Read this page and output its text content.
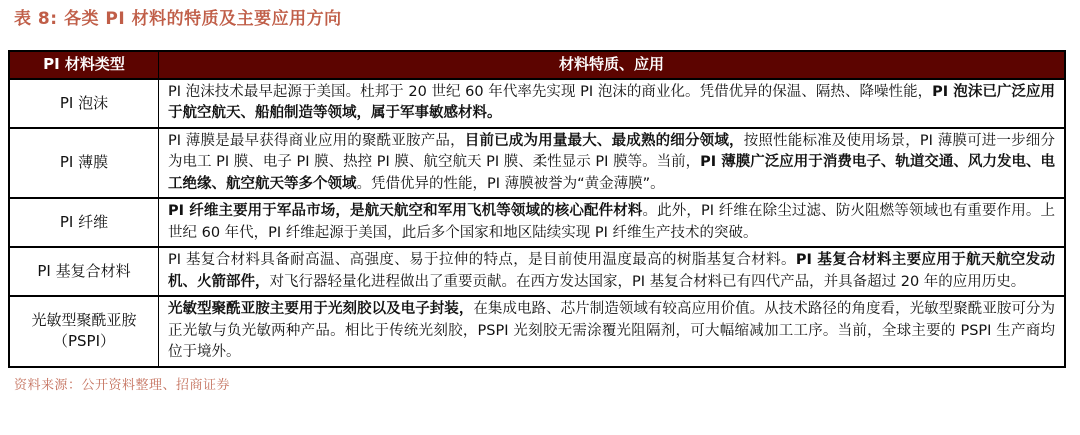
表 8: 各类 PI 材料的特质及主要应用方向
PI 材料类型	材料特质、应用
PI 泡沫
PI 泡沫技术最早起源于美国。杜邦于 20 世纪 60 年代率先实现 PI 泡沫的商业化。凭借优异的保温、隔热、降噪性能，PI 泡沫已广泛应用于航空航天、船舶制造等领域，属于军事敏感材料。
PI 薄膜
PI 薄膜是最早获得商业应用的聚酰亚胺产品，目前已成为用量最大、最成熟的细分领域，按照性能标准及使用场景，PI 薄膜可进一步细分为电工 PI 膜、电子 PI 膜、热控 PI 膜、航空航天 PI 膜、柔性显示 PI 膜等。当前，PI 薄膜广泛应用于消费电子、轨道交通、风力发电、电工绝缘、航空航天等多个领域。凭借优异的性能，PI 薄膜被誉为“黄金薄膜”。
PI 纤维
PI 纤维主要用于军品市场，是航天航空和军用飞机等领域的核心配件材料。此外，PI 纤维在除尘过滤、防火阻燃等领域也有重要作用。上世纪 60 年代，PI 纤维起源于美国，此后多个国家和地区陆续实现 PI 纤维生产技术的突破。
PI 基复合材料
PI 基复合材料具备耐高温、高强度、易于拉伸的特点，是目前使用温度最高的树脂基复合材料。PI 基复合材料主要应用于航天航空发动机、火箭部件，对飞行器轻量化进程做出了重要贡献。在西方发达国家，PI 基复合材料已有四代产品，并具备超过 20 年的应用历史。
光敏型聚酰亚胺（PSPI）
光敏型聚酰亚胺主要用于光刻胶以及电子封装，在集成电路、芯片制造领域有较高应用价值。从技术路径的角度看，光敏型聚酰亚胺可分为正光敏与负光敏两种产品。相比于传统光刻胶，PSPI 光刻胶无需涂覆光阻隔剂，可大幅缩减加工工序。当前，全球主要的 PSPI 生产商均位于境外。
资料来源：公开资料整理、招商证券
